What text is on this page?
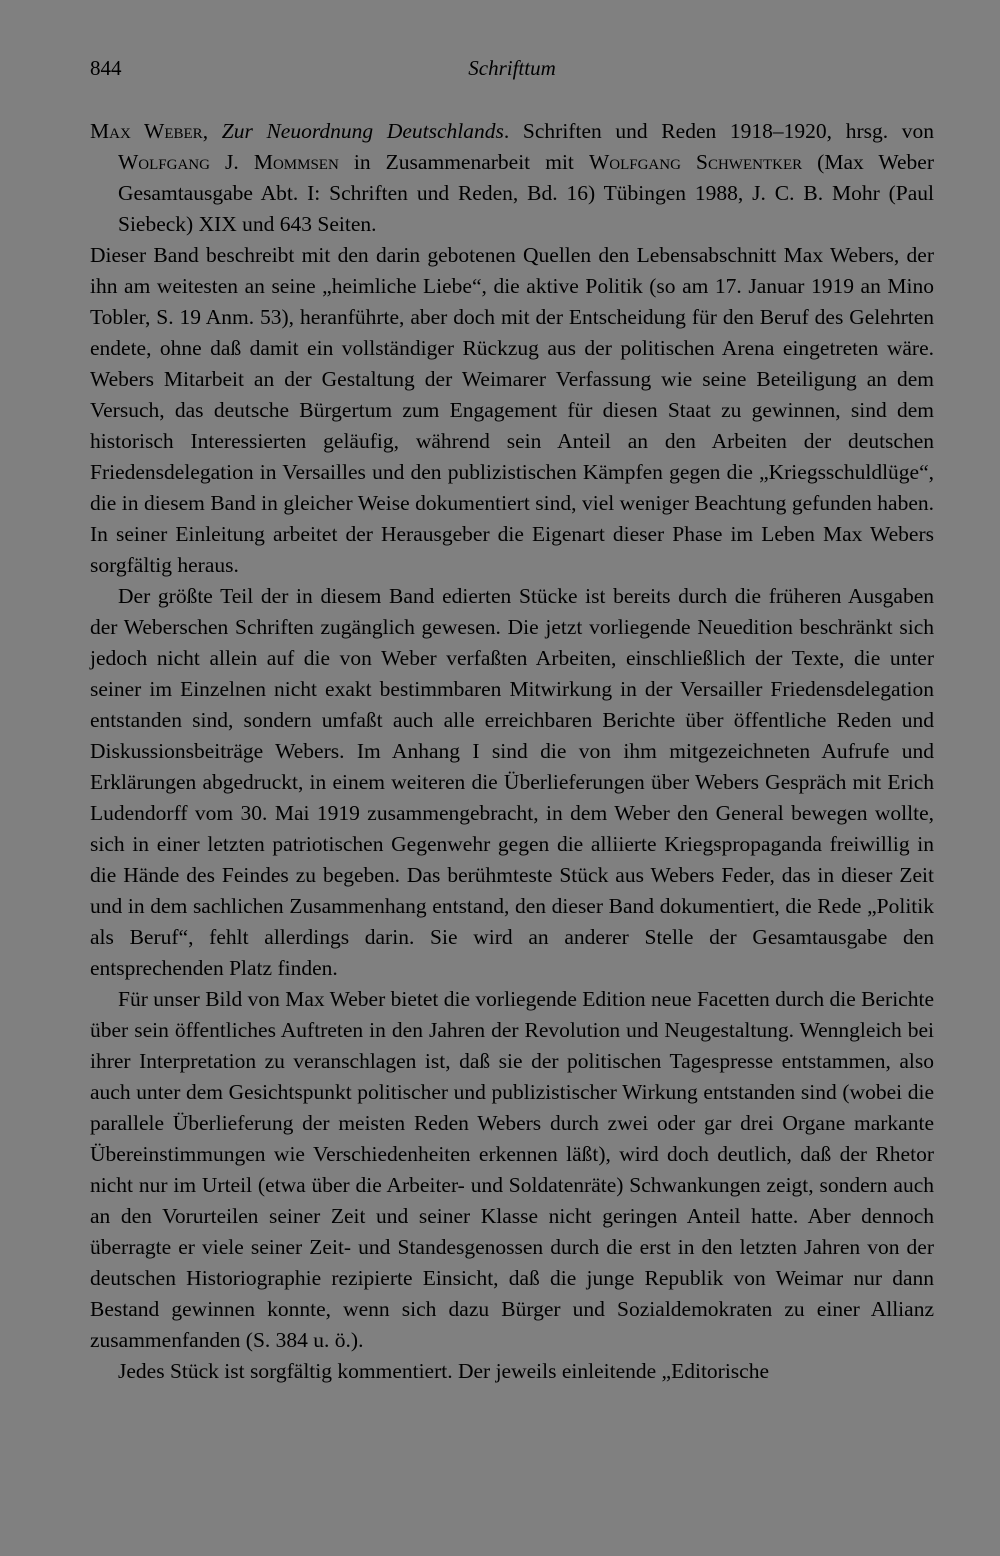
844	Schrifttum

Max Weber, Zur Neuordnung Deutschlands. Schriften und Reden 1918–1920, hrsg. von Wolfgang J. Mommsen in Zusammenarbeit mit Wolfgang Schwentker (Max Weber Gesamtausgabe Abt. I: Schriften und Reden, Bd. 16) Tübingen 1988, J. C. B. Mohr (Paul Siebeck) XIX und 643 Seiten.

Dieser Band beschreibt mit den darin gebotenen Quellen den Lebensabschnitt Max Webers, der ihn am weitesten an seine „heimliche Liebe“, die aktive Politik (so am 17. Januar 1919 an Mino Tobler, S. 19 Anm. 53), heranführte, aber doch mit der Entscheidung für den Beruf des Gelehrten endete, ohne daß damit ein vollständiger Rückzug aus der politischen Arena eingetreten wäre. Webers Mitarbeit an der Gestaltung der Weimarer Verfassung wie seine Beteiligung an dem Versuch, das deutsche Bürgertum zum Engagement für diesen Staat zu gewinnen, sind dem historisch Interessierten geläufig, während sein Anteil an den Arbeiten der deutschen Friedensdelegation in Versailles und den publizistischen Kämpfen gegen die „Kriegsschuldlüge“, die in diesem Band in gleicher Weise dokumentiert sind, viel weniger Beachtung gefunden haben. In seiner Einleitung arbeitet der Herausgeber die Eigenart dieser Phase im Leben Max Webers sorgfältig heraus.

Der größte Teil der in diesem Band edierten Stücke ist bereits durch die früheren Ausgaben der Weberschen Schriften zugänglich gewesen. Die jetzt vorliegende Neuedition beschränkt sich jedoch nicht allein auf die von Weber verfaßten Arbeiten, einschließlich der Texte, die unter seiner im Einzelnen nicht exakt bestimmbaren Mitwirkung in der Versailler Friedensdelegation entstanden sind, sondern umfaßt auch alle erreichbaren Berichte über öffentliche Reden und Diskussionsbeiträge Webers. Im Anhang I sind die von ihm mitgezeichneten Aufrufe und Erklärungen abgedruckt, in einem weiteren die Überlieferungen über Webers Gespräch mit Erich Ludendorff vom 30. Mai 1919 zusammengebracht, in dem Weber den General bewegen wollte, sich in einer letzten patriotischen Gegenwehr gegen die alliierte Kriegspropaganda freiwillig in die Hände des Feindes zu begeben. Das berühmteste Stück aus Webers Feder, das in dieser Zeit und in dem sachlichen Zusammenhang entstand, den dieser Band dokumentiert, die Rede „Politik als Beruf“, fehlt allerdings darin. Sie wird an anderer Stelle der Gesamtausgabe den entsprechenden Platz finden.

Für unser Bild von Max Weber bietet die vorliegende Edition neue Facetten durch die Berichte über sein öffentliches Auftreten in den Jahren der Revolution und Neugestaltung. Wenngleich bei ihrer Interpretation zu veranschlagen ist, daß sie der politischen Tagespresse entstammen, also auch unter dem Gesichtspunkt politischer und publizistischer Wirkung entstanden sind (wobei die parallele Überlieferung der meisten Reden Webers durch zwei oder gar drei Organe markante Übereinstimmungen wie Verschiedenheiten erkennen läßt), wird doch deutlich, daß der Rhetor nicht nur im Urteil (etwa über die Arbeiter- und Soldatenräte) Schwankungen zeigt, sondern auch an den Vorurteilen seiner Zeit und seiner Klasse nicht geringen Anteil hatte. Aber dennoch überragte er viele seiner Zeit- und Standesgenossen durch die erst in den letzten Jahren von der deutschen Historiographie rezipierte Einsicht, daß die junge Republik von Weimar nur dann Bestand gewinnen konnte, wenn sich dazu Bürger und Sozialdemokraten zu einer Allianz zusammenfanden (S. 384 u. ö.).

Jedes Stück ist sorgfältig kommentiert. Der jeweils einleitende „Editorische
